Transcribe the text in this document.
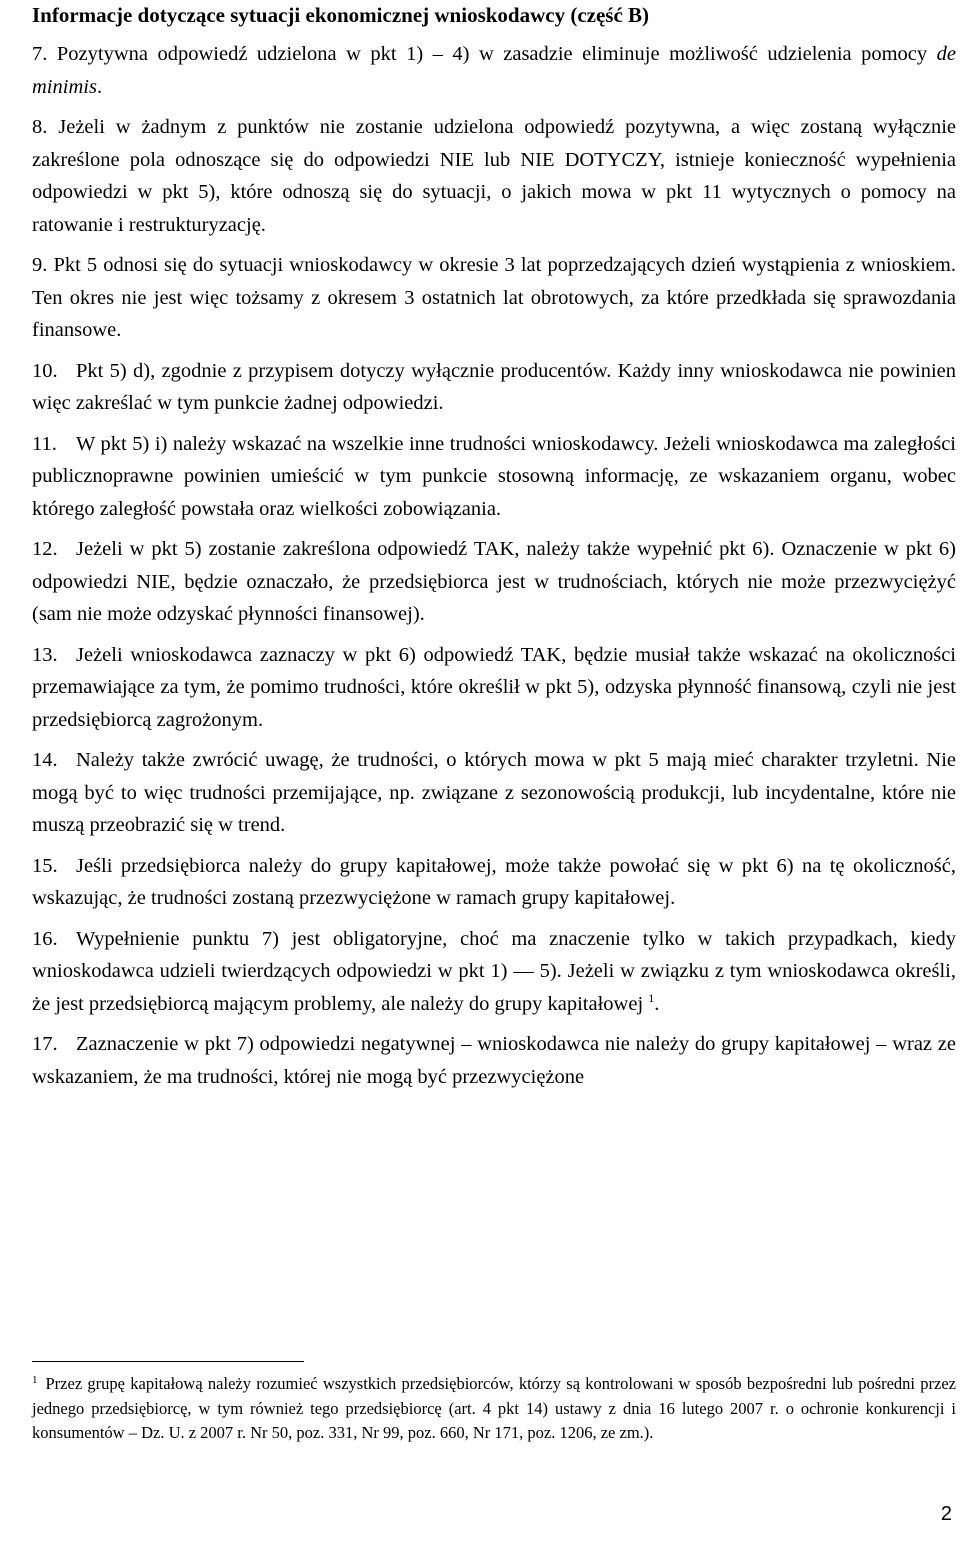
Informacje dotyczące sytuacji ekonomicznej wnioskodawcy (część B)

7. Pozytywna odpowiedź udzielona w pkt 1) – 4) w zasadzie eliminuje możliwość udzielenia pomocy de minimis.

8. Jeżeli w żadnym z punktów nie zostanie udzielona odpowiedź pozytywna, a więc zostaną wyłącznie zakreślone pola odnoszące się do odpowiedzi NIE lub NIE DOTYCZY, istnieje konieczność wypełnienia odpowiedzi w pkt 5), które odnoszą się do sytuacji, o jakich mowa w pkt 11 wytycznych o pomocy na ratowanie i restrukturyzację.

9. Pkt 5 odnosi się do sytuacji wnioskodawcy w okresie 3 lat poprzedzających dzień wystąpienia z wnioskiem. Ten okres nie jest więc tożsamy z okresem 3 ostatnich lat obrotowych, za które przedkłada się sprawozdania finansowe.

10. Pkt 5) d), zgodnie z przypisem dotyczy wyłącznie producentów. Każdy inny wnioskodawca nie powinien więc zakreślać w tym punkcie żadnej odpowiedzi.

11. W pkt 5) i) należy wskazać na wszelkie inne trudności wnioskodawcy. Jeżeli wnioskodawca ma zaległości publicznoprawne powinien umieścić w tym punkcie stosowną informację, ze wskazaniem organu, wobec którego zaległość powstała oraz wielkości zobowiązania.

12. Jeżeli w pkt 5) zostanie zakreślona odpowiedź TAK, należy także wypełnić pkt 6). Oznaczenie w pkt 6) odpowiedzi NIE, będzie oznaczało, że przedsiębiorca jest w trudnościach, których nie może przezwyciężyć (sam nie może odzyskać płynności finansowej).

13. Jeżeli wnioskodawca zaznaczy w pkt 6) odpowiedź TAK, będzie musiał także wskazać na okoliczności przemawiające za tym, że pomimo trudności, które określił w pkt 5), odzyska płynność finansową, czyli nie jest przedsiębiorcą zagrożonym.

14. Należy także zwrócić uwagę, że trudności, o których mowa w pkt 5 mają mieć charakter trzyletni. Nie mogą być to więc trudności przemijające, np. związane z sezonowością produkcji, lub incydentalne, które nie muszą przeobrazić się w trend.

15. Jeśli przedsiębiorca należy do grupy kapitałowej, może także powołać się w pkt 6) na tę okoliczność, wskazując, że trudności zostaną przezwyciężone w ramach grupy kapitałowej.

16. Wypełnienie punktu 7) jest obligatoryjne, choć ma znaczenie tylko w takich przypadkach, kiedy wnioskodawca udzieli twierdzących odpowiedzi w pkt 1) — 5). Jeżeli w związku z tym wnioskodawca określi, że jest przedsiębiorcą mającym problemy, ale należy do grupy kapitałowej $^1$.

17. Zaznaczenie w pkt 7) odpowiedzi negatywnej – wnioskodawca nie należy do grupy kapitałowej – wraz ze wskazaniem, że ma trudności, której nie mogą być przezwyciężone

$^1$ Przez grupę kapitałową należy rozumieć wszystkich przedsiębiorców, którzy są kontrolowani w sposób bezpośredni lub pośredni przez jednego przedsiębiorcę, w tym również tego przedsiębiorcę (art. 4 pkt 14) ustawy z dnia 16 lutego 2007 r. o ochronie konkurencji i konsumentów – Dz. U. z 2007 r. Nr 50, poz. 331, Nr 99, poz. 660, Nr 171, poz. 1206, ze zm.).
2
